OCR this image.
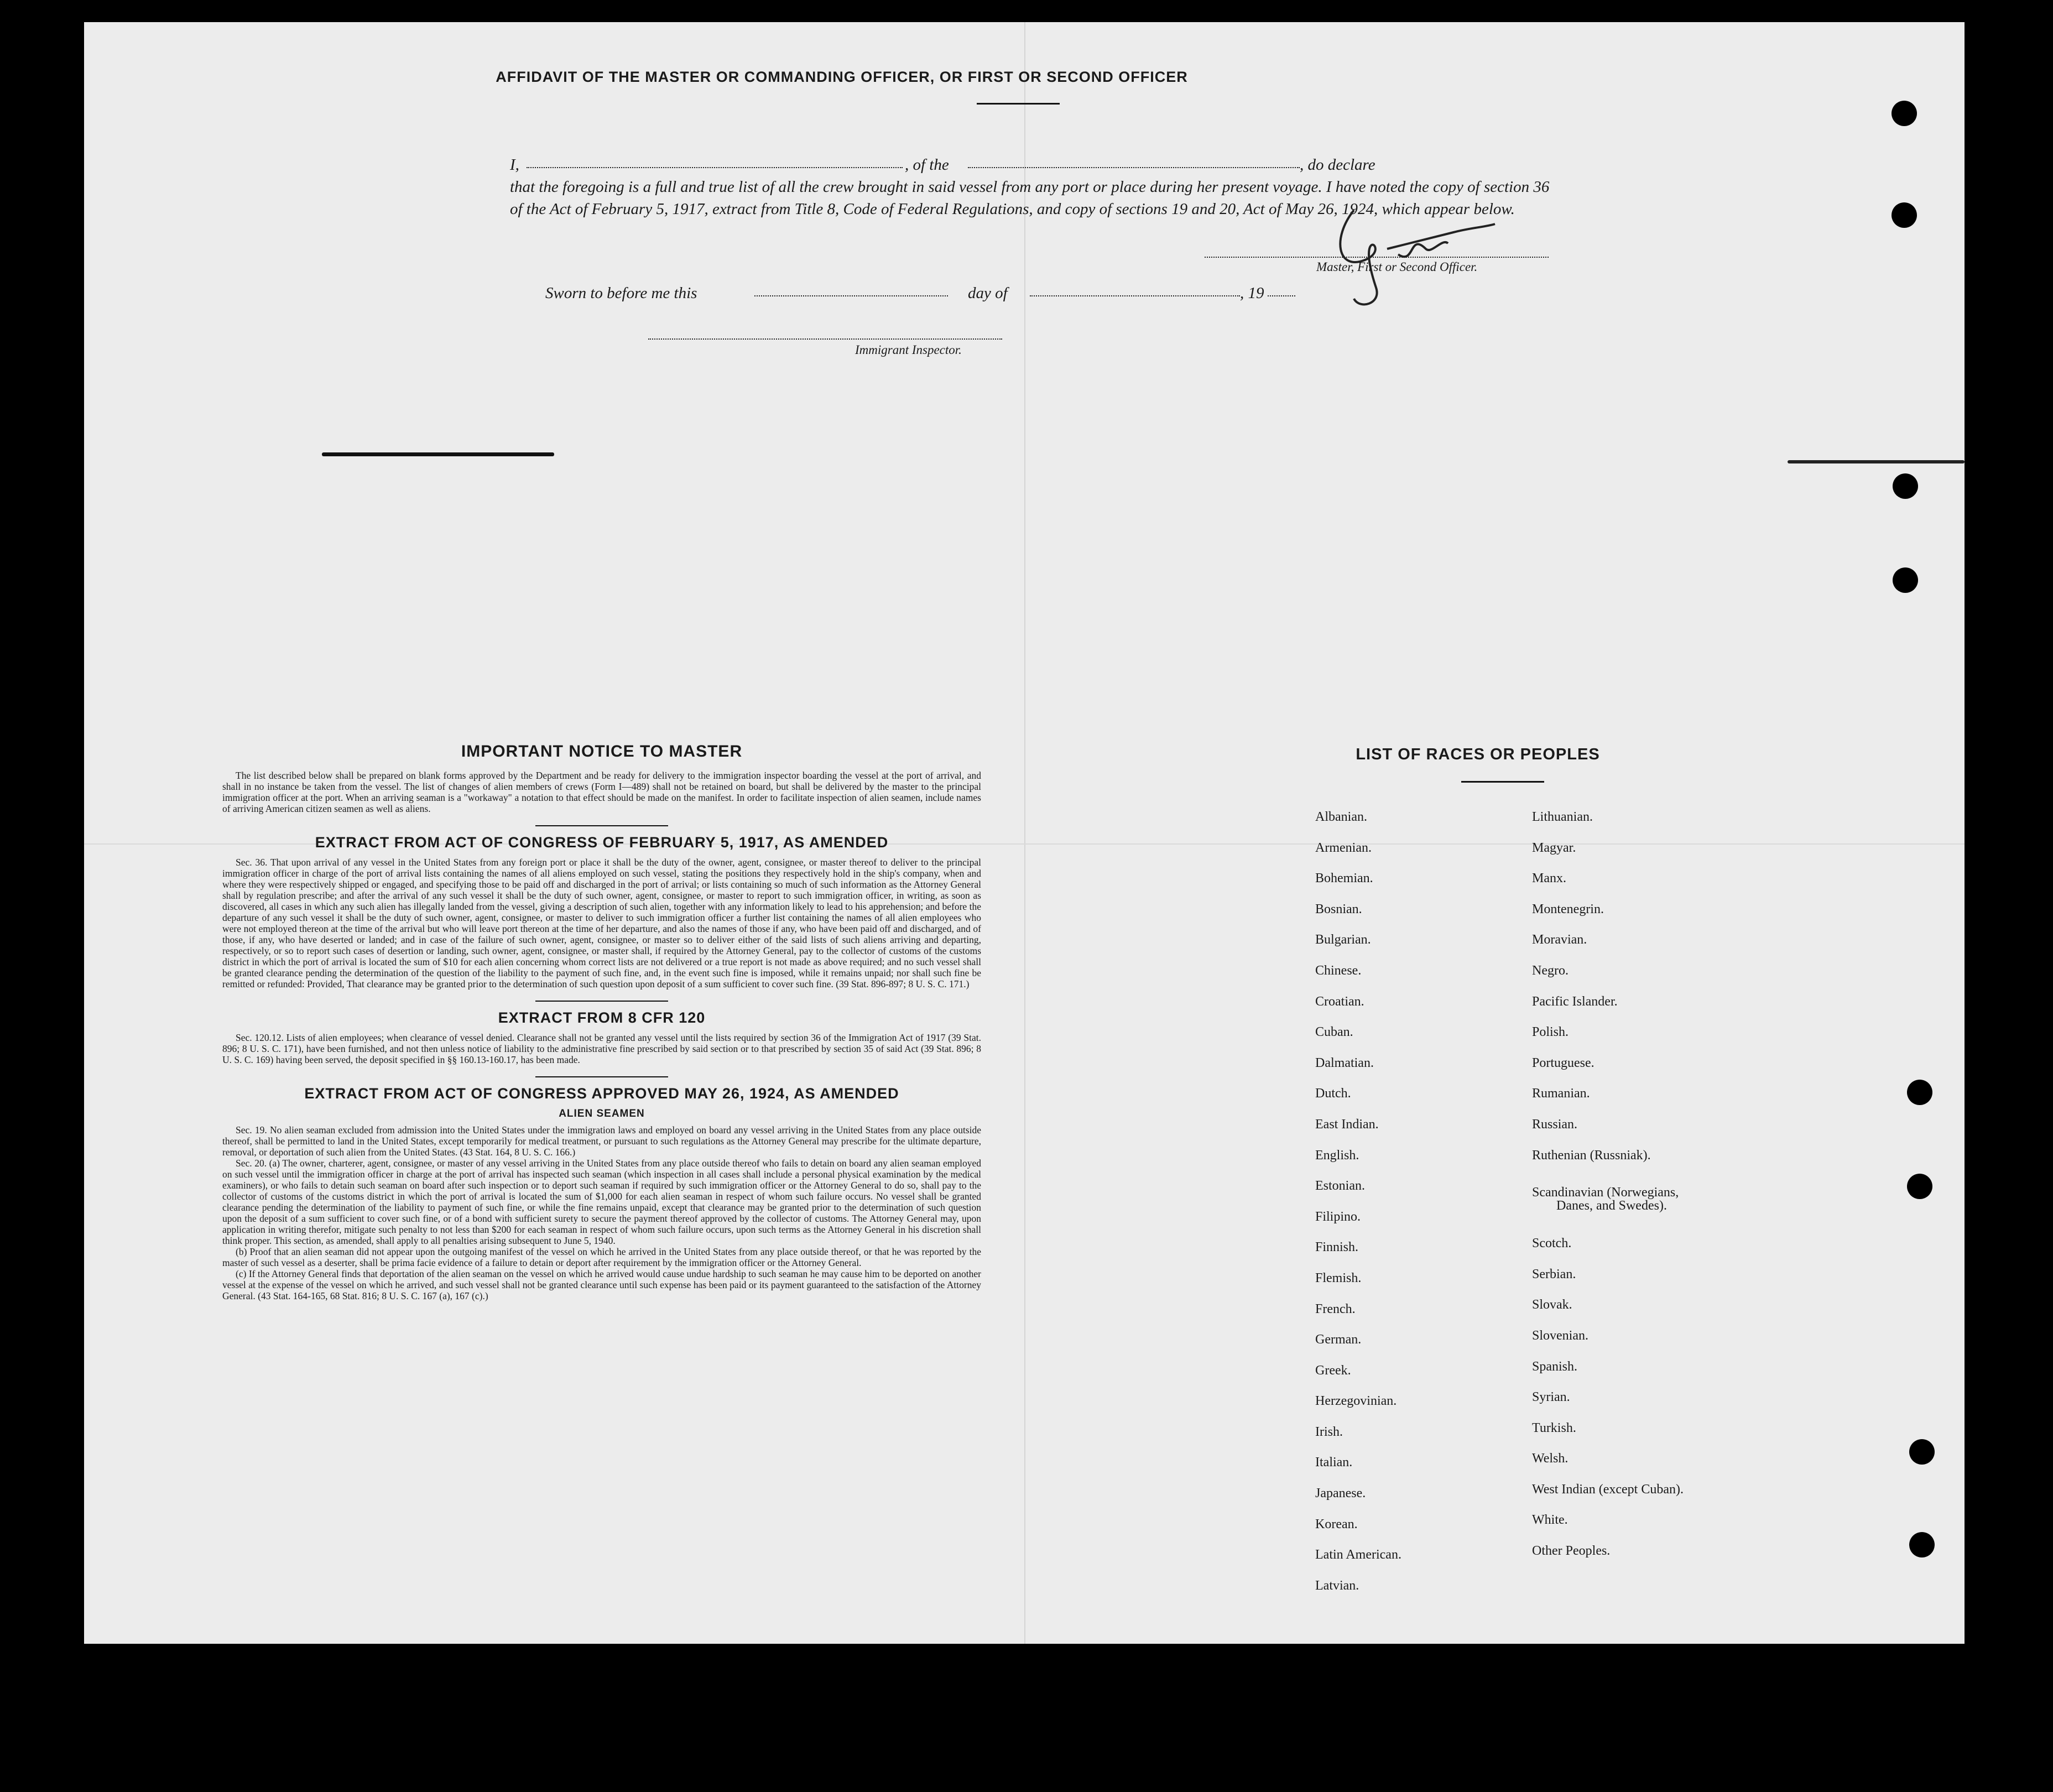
AFFIDAVIT OF THE MASTER OR COMMANDING OFFICER, OR FIRST OR SECOND OFFICER
I,	, of the	, do declare
that the foregoing is a full and true list of all the crew brought in said vessel from any port or place during her present voyage. I have noted the copy of section 36 of the Act of February 5, 1917, extract from Title 8, Code of Federal Regulations, and copy of sections 19 and 20, Act of May 26, 1924, which appear below.
Master, First or Second Officer.
Sworn to before me this	day of	, 19
Immigrant Inspector.
IMPORTANT NOTICE TO MASTER

The list described below shall be prepared on blank forms approved by the Department and be ready for delivery to the immigration inspector boarding the vessel at the port of arrival, and shall in no instance be taken from the vessel. The list of changes of alien members of crews (Form I—489) shall not be retained on board, but shall be delivered by the master to the principal immigration officer at the port. When an arriving seaman is a "workaway" a notation to that effect should be made on the manifest. In order to facilitate inspection of alien seamen, include names of arriving American citizen seamen as well as aliens.

EXTRACT FROM ACT OF CONGRESS OF FEBRUARY 5, 1917, AS AMENDED

Sec. 36. That upon arrival of any vessel in the United States from any foreign port or place it shall be the duty of the owner, agent, consignee, or master thereof to deliver to the principal immigration officer in charge of the port of arrival lists containing the names of all aliens employed on such vessel, stating the positions they respectively hold in the ship's company, when and where they were respectively shipped or engaged, and specifying those to be paid off and discharged in the port of arrival; or lists containing so much of such information as the Attorney General shall by regulation prescribe; and after the arrival of any such vessel it shall be the duty of such owner, agent, consignee, or master to report to such immigration officer, in writing, as soon as discovered, all cases in which any such alien has illegally landed from the vessel, giving a description of such alien, together with any information likely to lead to his apprehension; and before the departure of any such vessel it shall be the duty of such owner, agent, consignee, or master to deliver to such immigration officer a further list containing the names of all alien employees who were not employed thereon at the time of the arrival but who will leave port thereon at the time of her departure, and also the names of those if any, who have been paid off and discharged, and of those, if any, who have deserted or landed; and in case of the failure of such owner, agent, consignee, or master so to deliver either of the said lists of such aliens arriving and departing, respectively, or so to report such cases of desertion or landing, such owner, agent, consignee, or master shall, if required by the Attorney General, pay to the collector of customs of the customs district in which the port of arrival is located the sum of $10 for each alien concerning whom correct lists are not delivered or a true report is not made as above required; and no such vessel shall be granted clearance pending the determination of the question of the liability to the payment of such fine, and, in the event such fine is imposed, while it remains unpaid; nor shall such fine be remitted or refunded: Provided, That clearance may be granted prior to the determination of such question upon deposit of a sum sufficient to cover such fine. (39 Stat. 896-897; 8 U. S. C. 171.)

EXTRACT FROM 8 CFR 120

Sec. 120.12. Lists of alien employees; when clearance of vessel denied. Clearance shall not be granted any vessel until the lists required by section 36 of the Immigration Act of 1917 (39 Stat. 896; 8 U. S. C. 171), have been furnished, and not then unless notice of liability to the administrative fine prescribed by said section or to that prescribed by section 35 of said Act (39 Stat. 896; 8 U. S. C. 169) having been served, the deposit specified in §§ 160.13-160.17, has been made.

EXTRACT FROM ACT OF CONGRESS APPROVED MAY 26, 1924, AS AMENDED
ALIEN SEAMEN

Sec. 19. No alien seaman excluded from admission into the United States under the immigration laws and employed on board any vessel arriving in the United States from any place outside thereof, shall be permitted to land in the United States, except temporarily for medical treatment, or pursuant to such regulations as the Attorney General may prescribe for the ultimate departure, removal, or deportation of such alien from the United States. (43 Stat. 164, 8 U. S. C. 166.)

Sec. 20. (a) The owner, charterer, agent, consignee, or master of any vessel arriving in the United States from any place outside thereof who fails to detain on board any alien seaman employed on such vessel until the immigration officer in charge at the port of arrival has inspected such seaman (which inspection in all cases shall include a personal physical examination by the medical examiners), or who fails to detain such seaman on board after such inspection or to deport such seaman if required by such immigration officer or the Attorney General to do so, shall pay to the collector of customs of the customs district in which the port of arrival is located the sum of $1,000 for each alien seaman in respect of whom such failure occurs. No vessel shall be granted clearance pending the determination of the liability to payment of such fine, or while the fine remains unpaid, except that clearance may be granted prior to the determination of such question upon the deposit of a sum sufficient to cover such fine, or of a bond with sufficient surety to secure the payment thereof approved by the collector of customs. The Attorney General may, upon application in writing therefor, mitigate such penalty to not less than $200 for each seaman in respect of whom such failure occurs, upon such terms as the Attorney General in his discretion shall think proper. This section, as amended, shall apply to all penalties arising subsequent to June 5, 1940.

(b) Proof that an alien seaman did not appear upon the outgoing manifest of the vessel on which he arrived in the United States from any place outside thereof, or that he was reported by the master of such vessel as a deserter, shall be prima facie evidence of a failure to detain or deport after requirement by the immigration officer or the Attorney General.

(c) If the Attorney General finds that deportation of the alien seaman on the vessel on which he arrived would cause undue hardship to such seaman he may cause him to be deported on another vessel at the expense of the vessel on which he arrived, and such vessel shall not be granted clearance until such expense has been paid or its payment guaranteed to the satisfaction of the Attorney General. (43 Stat. 164-165, 68 Stat. 816; 8 U. S. C. 167 (a), 167 (c).)

LIST OF RACES OR PEOPLES
Albanian.
Armenian.
Bohemian.
Bosnian.
Bulgarian.
Chinese.
Croatian.
Cuban.
Dalmatian.
Dutch.
East Indian.
English.
Estonian.
Filipino.
Finnish.
Flemish.
French.
German.
Greek.
Herzegovinian.
Irish.
Italian.
Japanese.
Korean.
Latin American.
Latvian.
Lithuanian.
Magyar.
Manx.
Montenegrin.
Moravian.
Negro.
Pacific Islander.
Polish.
Portuguese.
Rumanian.
Russian.
Ruthenian (Russniak).
Scandinavian (Norwegians,
Danes, and Swedes).
Scotch.
Serbian.
Slovak.
Slovenian.
Spanish.
Syrian.
Turkish.
Welsh.
West Indian (except Cuban).
White.
Other Peoples.
